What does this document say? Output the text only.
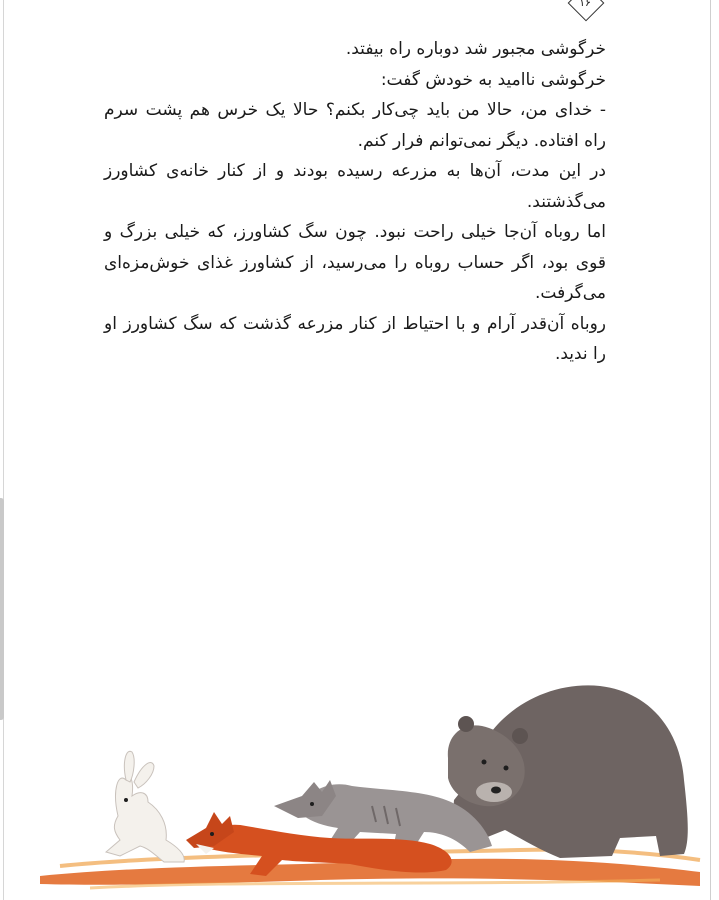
۱۶

خرگوشی مجبور شد دوباره راه بیفتد.

خرگوشی ناامید به خودش گفت:

- خدای من، حالا من باید چی‌کار بکنم؟ حالا یک خرس هم پشت سرم راه افتاده. دیگر نمی‌توانم فرار کنم.

در این مدت، آن‌ها به مزرعه رسیده بودند و از کنار خانه‌ی کشاورز می‌گذشتند.

اما روباه آن‌جا خیلی راحت نبود. چون سگ کشاورز، که خیلی بزرگ و قوی بود، اگر حساب روباه را می‌رسید، از کشاورز غذای خوش‌مزه‌ای می‌گرفت.

روباه آن‌قدر آرام و با احتیاط از کنار مزرعه گذشت که سگ کشاورز او را ندید.
